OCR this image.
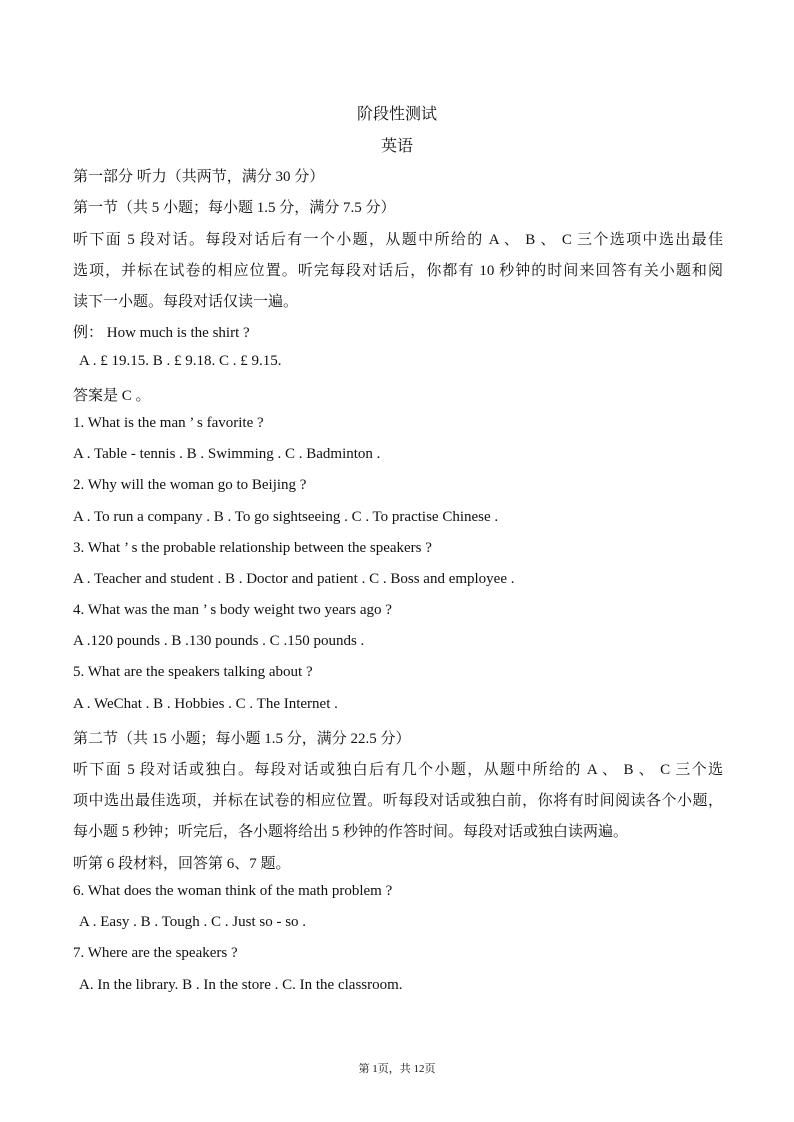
阶段性测试
英语
第一部分 听力（共两节，满分 30 分）
第一节（共 5 小题；每小题 1.5 分，满分 7.5 分）
听下面 5 段对话。每段对话后有一个小题，从题中所给的 A 、 B 、 C 三个选项中选出最佳
选项，并标在试卷的相应位置。听完每段对话后，你都有 10 秒钟的时间来回答有关小题和阅
读下一小题。每段对话仅读一遍。
例： How much is the shirt ?
A . £ 19.15. B . £ 9.18. C . £ 9.15.
答案是 C 。
1. What is the man ’ s favorite ?
A . Table - tennis . B . Swimming . C . Badminton .
2. Why will the woman go to Beijing ?
A . To run a company . B . To go sightseeing . C . To practise Chinese .
3. What ’ s the probable relationship between the speakers ?
A . Teacher and student . B . Doctor and patient . C . Boss and employee .
4. What was the man ’ s body weight two years ago ?
A .120 pounds . B .130 pounds . C .150 pounds .
5. What are the speakers talking about ?
A . WeChat . B . Hobbies . C . The Internet .
第二节（共 15 小题；每小题 1.5 分，满分 22.5 分）
听下面 5 段对话或独白。每段对话或独白后有几个小题，从题中所给的 A 、 B 、 C 三个选
项中选出最佳选项，并标在试卷的相应位置。听每段对话或独白前，你将有时间阅读各个小题，
每小题 5 秒钟；听完后，各小题将给出 5 秒钟的作答时间。每段对话或独白读两遍。
听第 6 段材料，回答第 6、7 题。
6. What does the woman think of the math problem ?
A . Easy . B . Tough . C . Just so - so .
7. Where are the speakers ?
A. In the library. B . In the store . C. In the classroom.
第 1页，共 12页
